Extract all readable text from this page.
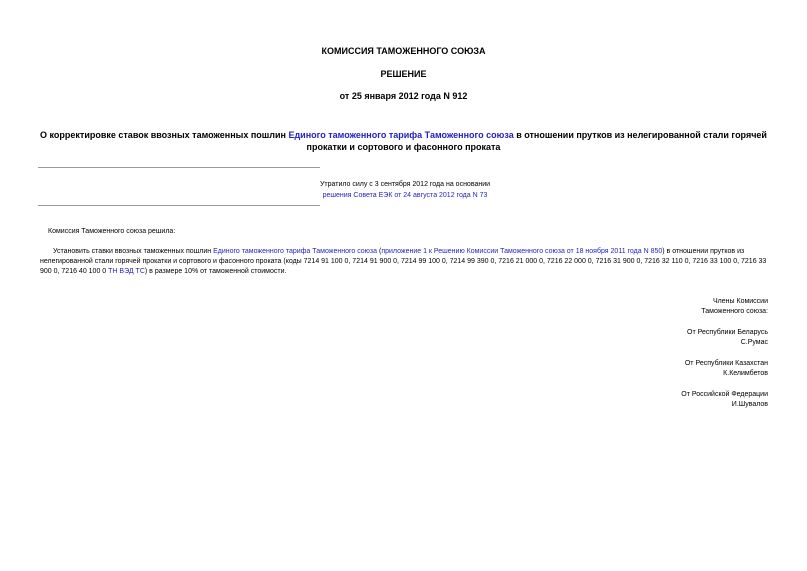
КОМИССИЯ ТАМОЖЕННОГО СОЮЗА
РЕШЕНИЕ
от 25 января 2012 года N 912
О корректировке ставок ввозных таможенных пошлин Единого таможенного тарифа Таможенного союза в отношении прутков из нелегированной стали горячей прокатки и сортового и фасонного проката
Утратило силу с 3 сентября 2012 года на основании
решения Совета ЕЭК от 24 августа 2012 года N 73
Комиссия Таможенного союза решила:
Установить ставки ввозных таможенных пошлин Единого таможенного тарифа Таможенного союза (приложение 1 к Решению Комиссии Таможенного союза от 18 ноября 2011 года N 850) в отношении прутков из нелегированной стали горячей прокатки и сортового и фасонного проката (коды 7214 91 100 0, 7214 91 900 0, 7214 99 100 0, 7214 99 390 0, 7216 21 000 0, 7216 22 000 0, 7216 31 900 0, 7216 32 110 0, 7216 33 100 0, 7216 33 900 0, 7216 40 100 0 ТН ВЭД ТС) в размере 10% от таможенной стоимости.
Члены Комиссии
Таможенного союза:
От Республики Беларусь
С.Румас
От Республики Казахстан
К.Келимбетов
От Российской Федерации
И.Шувалов
